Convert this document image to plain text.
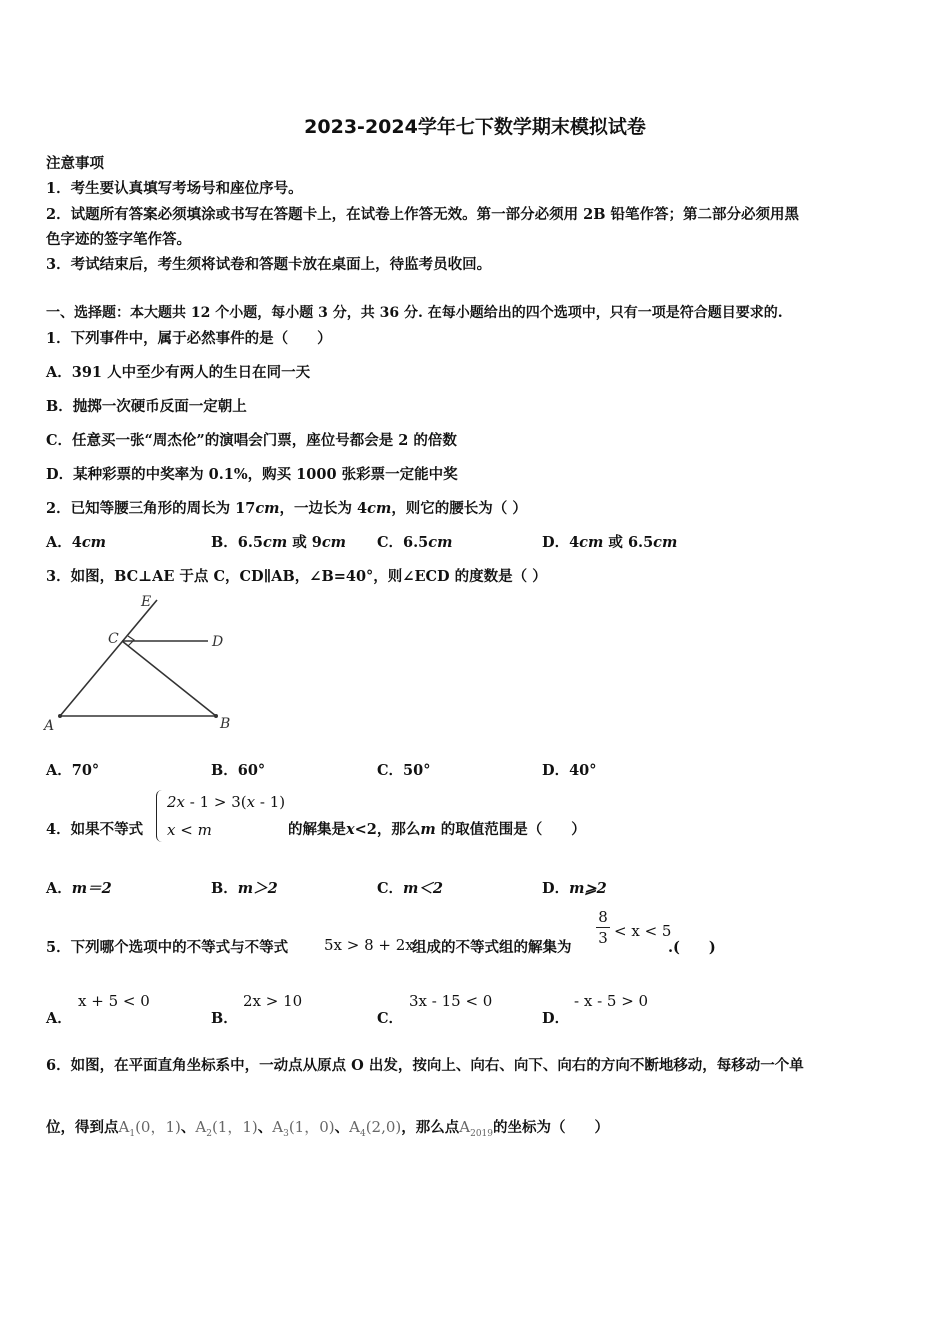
2023-2024学年七下数学期末模拟试卷
注意事项
1．考生要认真填写考场号和座位序号。
2．试题所有答案必须填涂或书写在答题卡上，在试卷上作答无效。第一部分必须用 2B 铅笔作答；第二部分必须用黑
色字迹的签字笔作答。
3．考试结束后，考生须将试卷和答题卡放在桌面上，待监考员收回。
一、选择题：本大题共 12 个小题，每小题 3 分，共 36 分. 在每小题给出的四个选项中，只有一项是符合题目要求的.
1．下列事件中，属于必然事件的是（　　）
A．391 人中至少有两人的生日在同一天
B．抛掷一次硬币反面一定朝上
C．任意买一张“周杰伦”的演唱会门票，座位号都会是 2 的倍数
D．某种彩票的中奖率为 0.1%，购买 1000 张彩票一定能中奖
2．已知等腰三角形的周长为 17cm，一边长为 4cm，则它的腰长为（ ）
A．4cm	B．6.5cm 或 9cm C．6.5cm	D．4cm 或 6.5cm
3．如图，BC⊥AE 于点 C，CD∥AB，∠B=40°，则∠ECD 的度数是（ ）
E
C	D
A	B
A．70°	B．60°	C．50°	D．40°
4．如果不等式
2x - 1 > 3(x - 1)
x < m	的解集是x<2，那么m 的取值范围是（　　）
A．m＝2	B．m＞2	C．m＜2	D．m⩾2
5．下列哪个选项中的不等式与不等式 5x > 8 + 2x
组成的不等式组的解集为
8
3 < x < 5
.(　　)
A．
x + 5 < 0
B．
2x > 10
C．
3x - 15 < 0
D．
- x - 5 > 0
6．如图，在平面直角坐标系中，一动点从原点 O 出发，按向上、向右、向下、向右的方向不断地移动，每移动一个单
位，得到点$A_1(0$，1)、$A_2(1$，1)、$A_3(1$，0)、$A_4(2,0)$，那么点$A_{2019}$的坐标为（　　）
